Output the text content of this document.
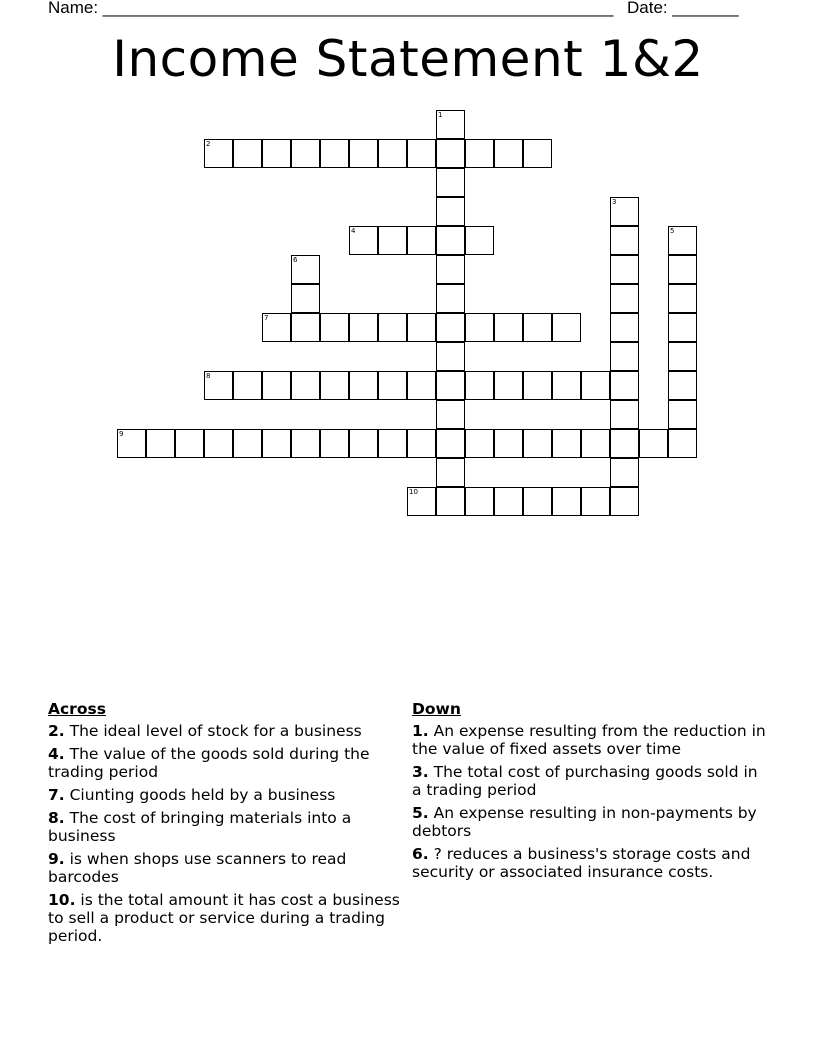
Name: ______________________________________________________ Date: _______
Income Statement 1&2
1
2
3
4	5
6
7
8
9
10
Across
2. The ideal level of stock for a business
4. The value of the goods sold during the trading period
7. Ciunting goods held by a business
8. The cost of bringing materials into a business
9. is when shops use scanners to read barcodes
10. is the total amount it has cost a business to sell a product or service during a trading period.
Down
1. An expense resulting from the reduction in the value of fixed assets over time
3. The total cost of purchasing goods sold in a trading period
5. An expense resulting in non-payments by debtors
6. ? reduces a business's storage costs and security or associated insurance costs.
